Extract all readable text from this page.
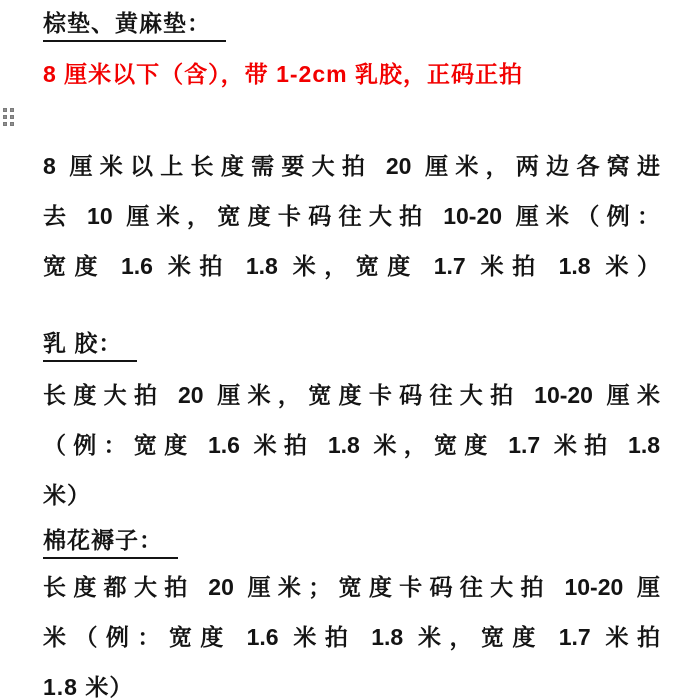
棕垫、黄麻垫：
8 厘米以下（含），带 1-2cm 乳胶，正码正拍
8 厘米以上长度需要大拍 20 厘米，两边各窝进
去 10 厘米，宽度卡码往大拍 10-20 厘米（例：
宽度 1.6 米拍 1.8 米，宽度 1.7 米拍 1.8 米）
乳 胶：
长度大拍 20 厘米，宽度卡码往大拍 10-20 厘米
（例：宽度 1.6 米拍 1.8 米，宽度 1.7 米拍 1.8
米）
棉花褥子：
长度都大拍 20 厘米；宽度卡码往大拍 10-20 厘
米（例：宽度 1.6 米拍 1.8 米，宽度 1.7 米拍
1.8 米）
